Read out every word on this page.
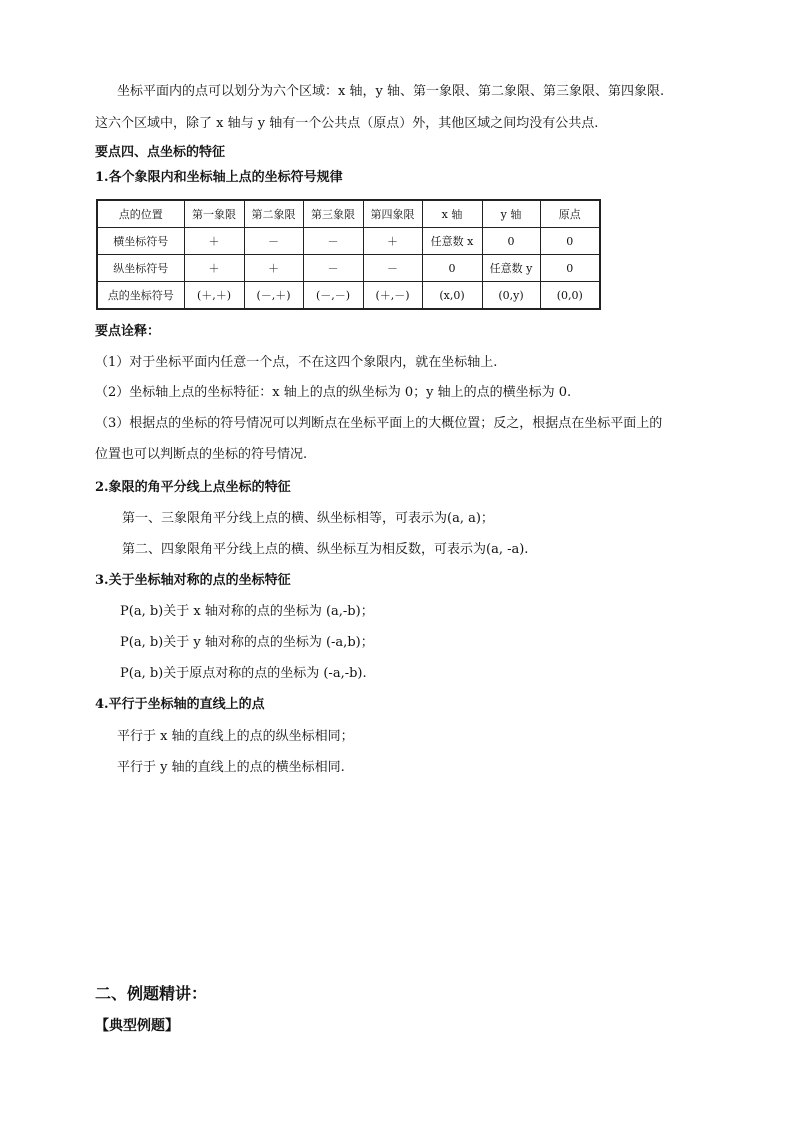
坐标平面内的点可以划分为六个区域：x 轴，y 轴、第一象限、第二象限、第三象限、第四象限.
这六个区域中，除了 x 轴与 y 轴有一个公共点（原点）外，其他区域之间均没有公共点.
要点四、点坐标的特征
1.各个象限内和坐标轴上点的坐标符号规律
点的位置	第一象限	第二象限	第三象限	第四象限	x 轴	y 轴	原点
横坐标符号	＋	－	－	＋	任意数 x	0	0
纵坐标符号	＋	＋	－	－	0	任意数 y	0
点的坐标符号	(＋,＋)	(－,＋)	(－,－)	(＋,－)	(x,0)	(0,y)	(0,0)
要点诠释：
（1）对于坐标平面内任意一个点，不在这四个象限内，就在坐标轴上.
（2）坐标轴上点的坐标特征：x 轴上的点的纵坐标为 0；y 轴上的点的横坐标为 0.
（3）根据点的坐标的符号情况可以判断点在坐标平面上的大概位置；反之，根据点在坐标平面上的
位置也可以判断点的坐标的符号情况.
2.象限的角平分线上点坐标的特征
第一、三象限角平分线上点的横、纵坐标相等，可表示为(a, a)；
第二、四象限角平分线上点的横、纵坐标互为相反数，可表示为(a, -a).
3.关于坐标轴对称的点的坐标特征
P(a, b)关于 x 轴对称的点的坐标为 (a,-b)；
P(a, b)关于 y 轴对称的点的坐标为 (-a,b)；
P(a, b)关于原点对称的点的坐标为 (-a,-b).
4.平行于坐标轴的直线上的点
平行于 x 轴的直线上的点的纵坐标相同；
平行于 y 轴的直线上的点的横坐标相同.
二、例题精讲：
【典型例题】
